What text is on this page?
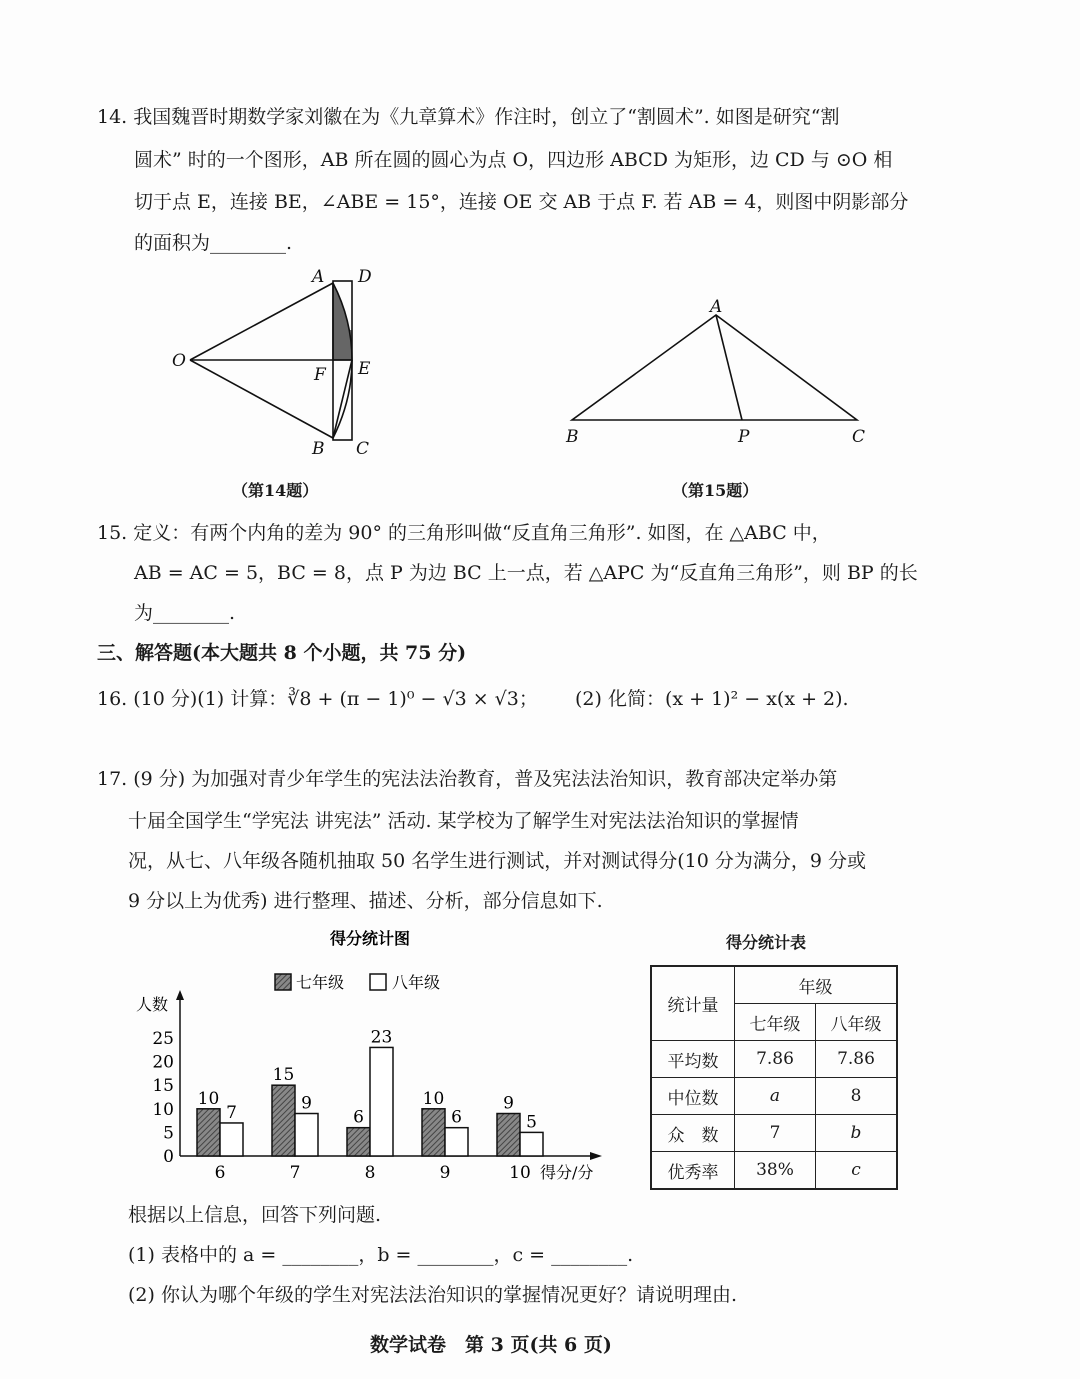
14. 我国魏晋时期数学家刘徽在为《九章算术》作注时，创立了“割圆术”. 如图是研究“割
圆术” 时的一个图形，AB 所在圆的圆心为点 O，四边形 ABCD 为矩形，边 CD 与 ⊙O 相
切于点 E，连接 BE，∠ABE = 15°，连接 OE 交 AB 于点 F. 若 AB = 4，则图中阴影部分
的面积为________.
A D
O
F E
B C
A
B	P	C
（第14题）	（第15题）
15. 定义：有两个内角的差为 90° 的三角形叫做“反直角三角形”. 如图，在 △ABC 中，
AB = AC = 5，BC = 8，点 P 为边 BC 上一点，若 △APC 为“反直角三角形”，则 BP 的长
为________.
三、解答题(本大题共 8 个小题，共 75 分)
16. (10 分)(1) 计算：∛8 + (π − 1)⁰ − √3 × √3； (2) 化简：(x + 1)² − x(x + 2).
17. (9 分) 为加强对青少年学生的宪法法治教育，普及宪法法治知识，教育部决定举办第
十届全国学生“学宪法 讲宪法” 活动. 某学校为了解学生对宪法法治知识的掌握情
况，从七、八年级各随机抽取 50 名学生进行测试，并对测试得分(10 分为满分，9 分或
9 分以上为优秀) 进行整理、描述、分析，部分信息如下.
得分统计图
七年级	八年级
人数
得分/分
0
5
10
15
20
25
6
10
7
7
15
9
8
6
23
9
10
6
10
9
5
得分统计表
统计量	年级	
	七年级	八年级
平均数	7.86	7.86
中位数	a	8
众　数	7	b
优秀率	38%	c
根据以上信息，回答下列问题.
(1) 表格中的 a = ________，b = ________，c = ________.
(2) 你认为哪个年级的学生对宪法法治知识的掌握情况更好？请说明理由.
数学试卷　第 3 页(共 6 页)
